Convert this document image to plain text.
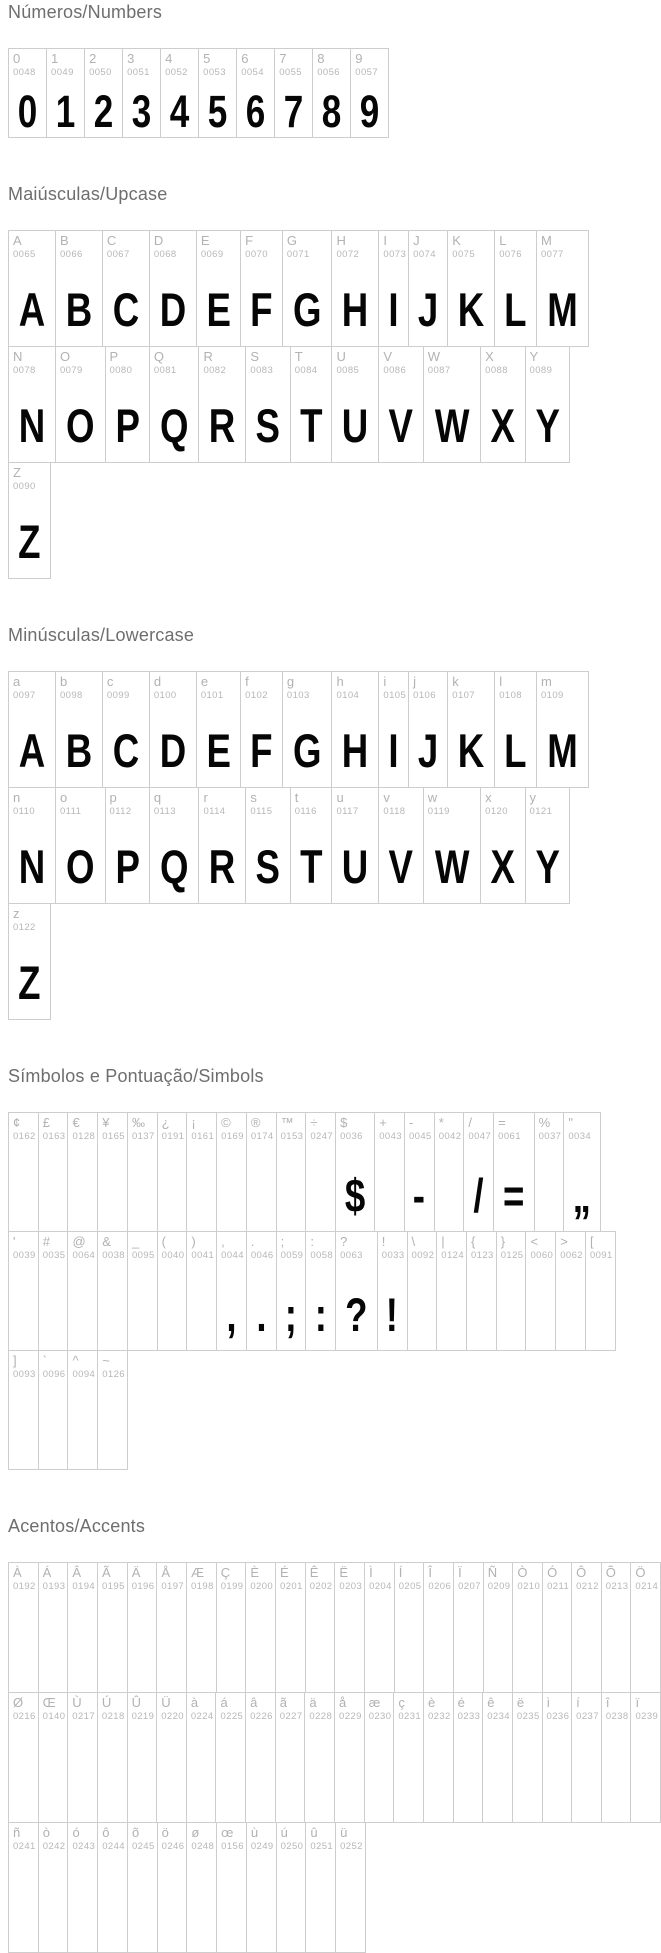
Números/Numbers
0
0048
0
1
0049
1
2
0050
2
3
0051
3
4
0052
4
5
0053
5
6
0054
6
7
0055
7
8
0056
8
9
0057
9
Maiúsculas/Upcase
A
0065
A
B
0066
B
C
0067
C
D
0068
D
E
0069
E
F
0070
F
G
0071
G
H
0072
H
I
0073
I
J
0074
J
K
0075
K
L
0076
L
M
0077
M
N
0078
N
O
0079
O
P
0080
P
Q
0081
Q
R
0082
R
S
0083
S
T
0084
T
U
0085
U
V
0086
V
W
0087
W
X
0088
X
Y
0089
Y
Z
0090
Z
Minúsculas/Lowercase
a
0097
A
b
0098
B
c
0099
C
d
0100
D
e
0101
E
f
0102
F
g
0103
G
h
0104
H
i
0105
I
j
0106
J
k
0107
K
l
0108
L
m
0109
M
n
0110
N
o
0111
O
p
0112
P
q
0113
Q
r
0114
R
s
0115
S
t
0116
T
u
0117
U
v
0118
V
w
0119
W
x
0120
X
y
0121
Y
z
0122
Z
Símbolos e Pontuação/Simbols
¢
0162
£
0163
€
0128
¥
0165
‰
0137
¿
0191
¡
0161
©
0169
®
0174
™
0153
÷
0247
$
0036
$
+
0043
-
0045
-
*
0042
/
0047
/
=
0061
=
%
0037
"
0034
„
'
0039
#
0035
@
0064
&
0038
_
0095
(
0040
)
0041
,
0044
,
.
0046
.
;
0059
;
:
0058
:
?
0063
?
!
0033
!
\
0092
|
0124
{
0123
}
0125
<
0060
>
0062
[
0091
]
0093
`
0096
^
0094
~
0126
Acentos/Accents
À
0192
Á
0193
Â
0194
Ã
0195
Ä
0196
Å
0197
Æ
0198
Ç
0199
È
0200
É
0201
Ê
0202
Ë
0203
Ì
0204
Í
0205
Î
0206
Ï
0207
Ñ
0209
Ò
0210
Ó
0211
Ô
0212
Õ
0213
Ö
0214
Ø
0216
Œ
0140
Ù
0217
Ú
0218
Û
0219
Ü
0220
à
0224
á
0225
â
0226
ã
0227
ä
0228
å
0229
æ
0230
ç
0231
è
0232
é
0233
ê
0234
ë
0235
ì
0236
í
0237
î
0238
ï
0239
ñ
0241
ò
0242
ó
0243
ô
0244
õ
0245
ö
0246
ø
0248
œ
0156
ù
0249
ú
0250
û
0251
ü
0252
